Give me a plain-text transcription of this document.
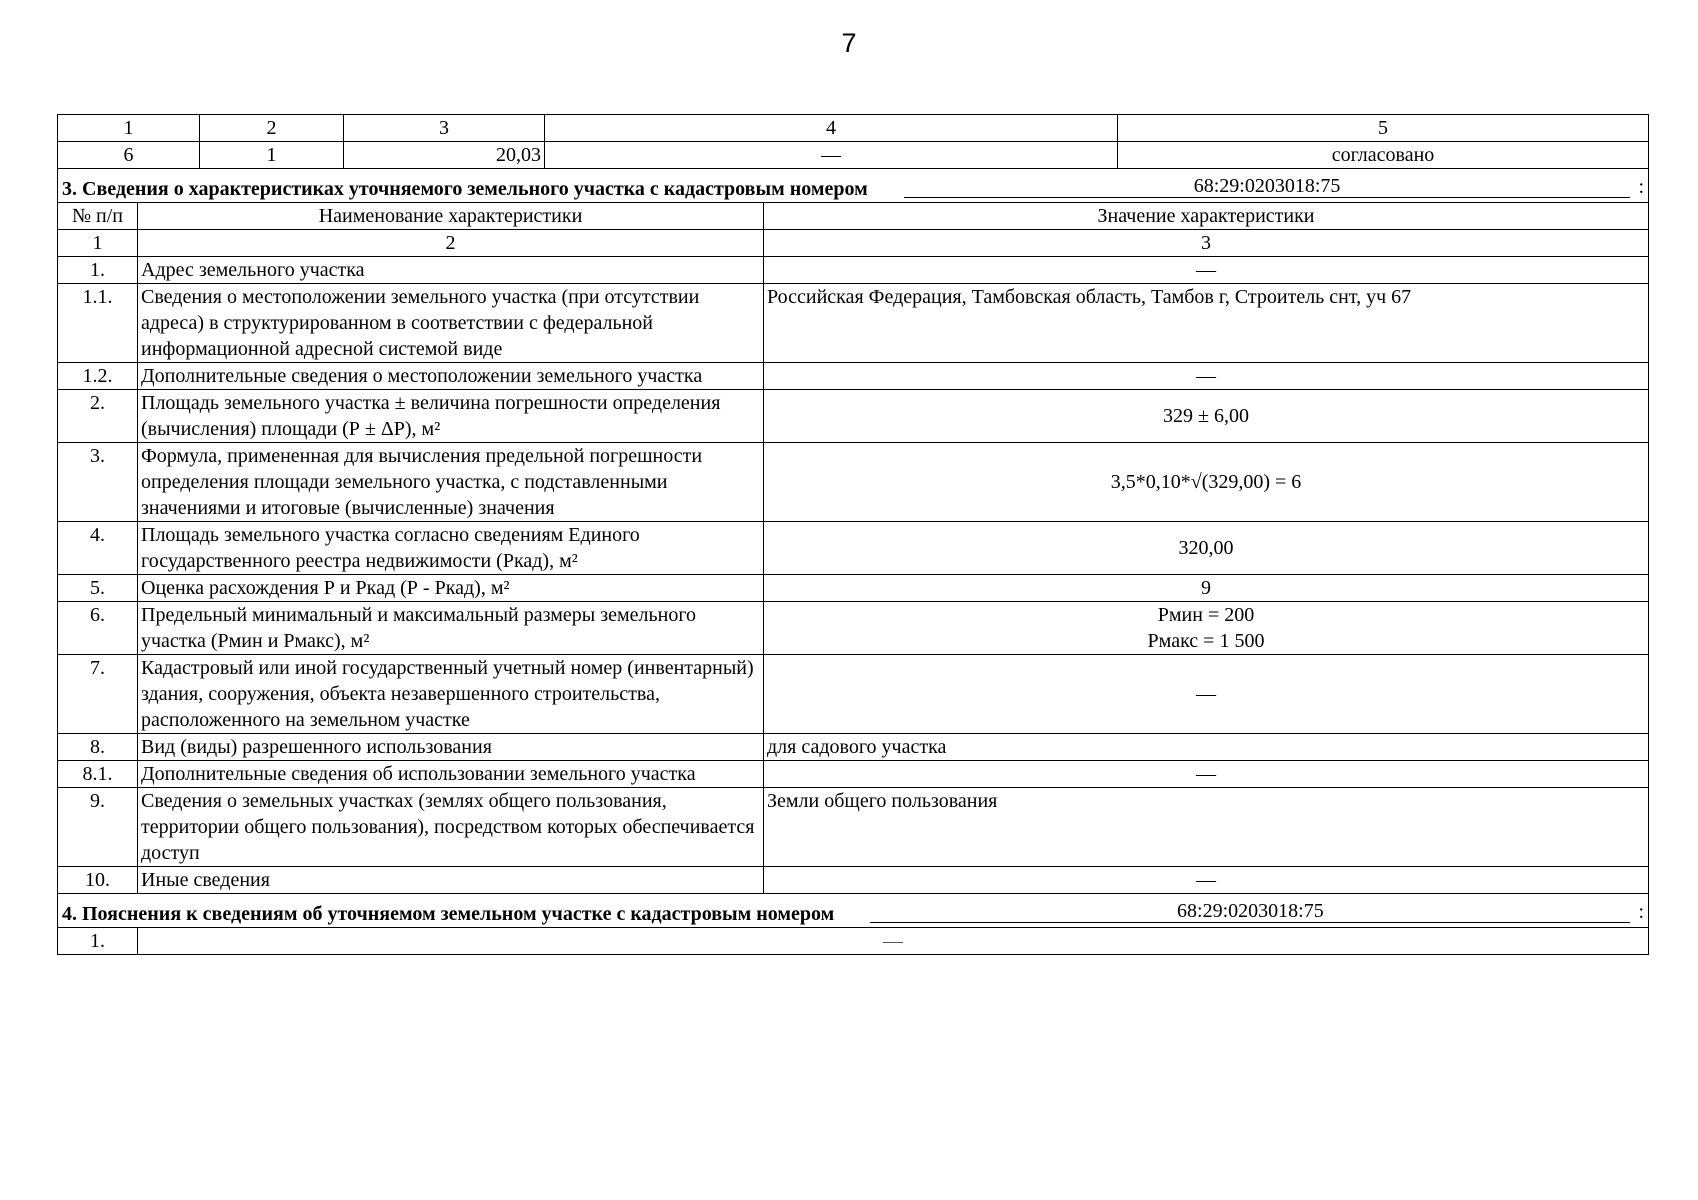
7
1	2	3	4	5
6	1	20,03	—	согласовано
3. Сведения о характеристиках уточняемого земельного участка с кадастровым номером 68:29:0203018:75 :		

№ п/п	Наименование характеристики	Значение характеристики
1	2	3
1.	Адрес земельного участка	—
1.1.	Сведения о местоположении земельного участка (при отсутствии адреса) в структурированном в соответствии с федеральной информационной адресной системой виде	Российская Федерация, Тамбовская область, Тамбов г, Строитель снт, уч 67
1.2.	Дополнительные сведения о местоположении земельного участка	—
2.	Площадь земельного участка ± величина погрешности определения (вычисления) площади (Р ± ΔР), м²	329 ± 6,00
3.	Формула, примененная для вычисления предельной погрешности определения площади земельного участка, с подставленными значениями и итоговые (вычисленные) значения	3,5*0,10*√(329,00) = 6
4.	Площадь земельного участка согласно сведениям Единого государственного реестра недвижимости (Ркад), м²	320,00
5.	Оценка расхождения Р и Ркад (Р - Ркад), м²	9
6.	Предельный минимальный и максимальный размеры земельного участка (Рмин и Рмакс), м²	Рмин = 200
Рмакс = 1 500

7.	Кадастровый или иной государственный учетный номер (инвентарный) здания, сооружения, объекта незавершенного строительства, расположенного на земельном участке	—
8.	Вид (виды) разрешенного использования	для садового участка
8.1.	Дополнительные сведения об использовании земельного участка	—
9.	Сведения о земельных участках (землях общего пользования, территории общего пользования), посредством которых обеспечивается доступ	Земли общего пользования
10.	Иные сведения	—
4. Пояснения к сведениям об уточняемом земельном участке с кадастровым номером	68:29:0203018:75	:

1.	—
